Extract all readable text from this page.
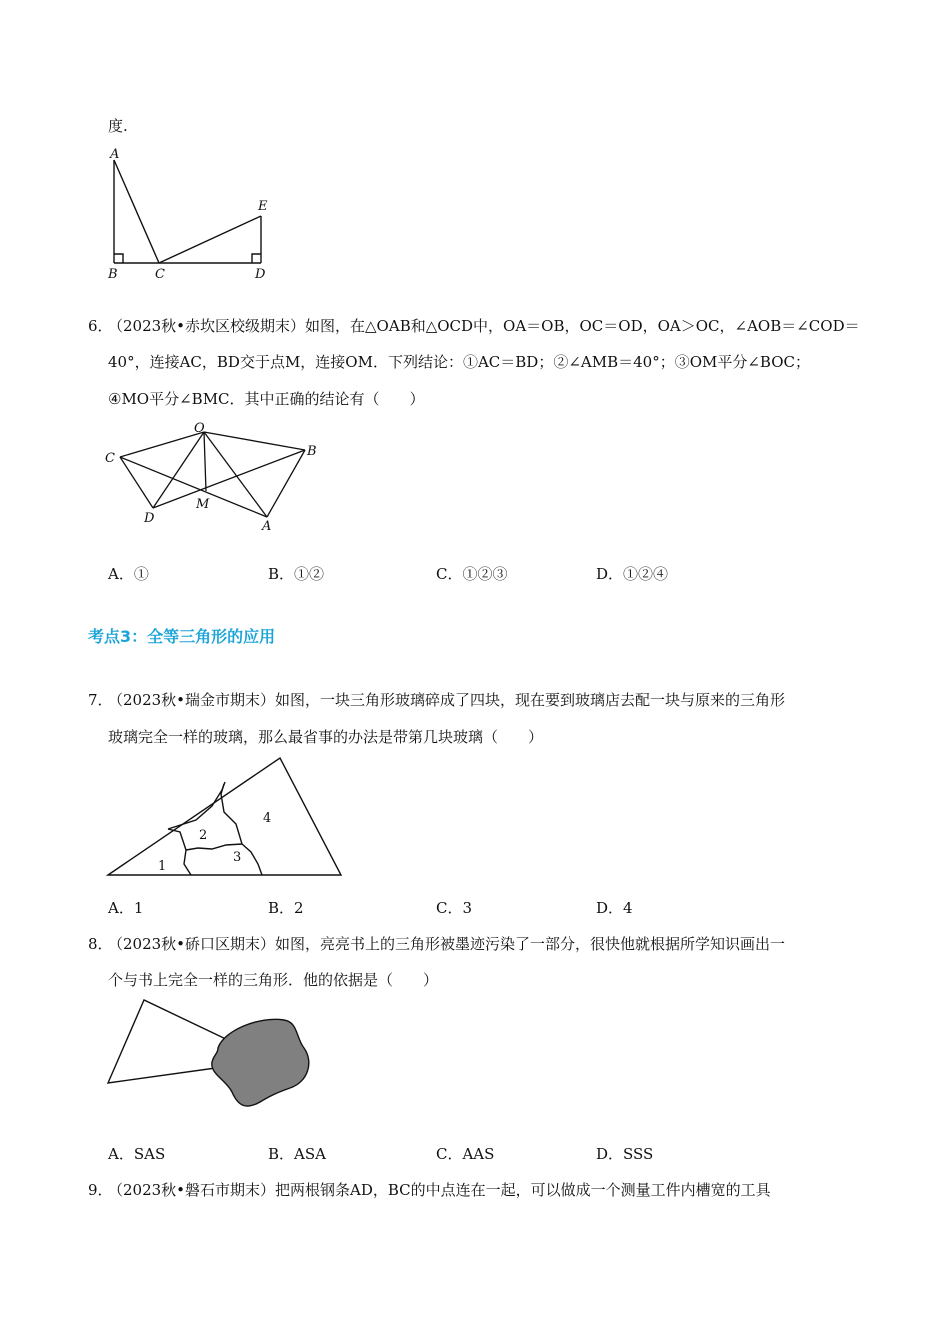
度.
A
B	C	D
E
6．
（2023秋•赤坎区校级期末）如图，在△OAB和△OCD中，OA＝OB，OC＝OD，OA＞OC，∠AOB＝∠COD＝
40°，连接AC，BD交于点M，连接OM．下列结论：①AC＝BD；②∠AMB＝40°；③OM平分∠BOC；
④MO平分∠BMC．其中正确的结论有（　　）
O
C	B
D
M
A
A．①	B．①②	C．①②③	D．①②④
考点3：全等三角形的应用
7．
（2023秋•瑞金市期末）如图，一块三角形玻璃碎成了四块，现在要到玻璃店去配一块与原来的三角形
玻璃完全一样的玻璃，那么最省事的办法是带第几块玻璃（　　）
1
2
3
4
A．1	B．2	C．3	D．4
8．
（2023秋•硚口区期末）如图，亮亮书上的三角形被墨迹污染了一部分，很快他就根据所学知识画出一
个与书上完全一样的三角形．他的依据是（　　）
A．SAS	B．ASA	C．AAS	D．SSS
9．
（2023秋•磐石市期末）把两根钢条AD，BC的中点连在一起，可以做成一个测量工件内槽宽的工具
